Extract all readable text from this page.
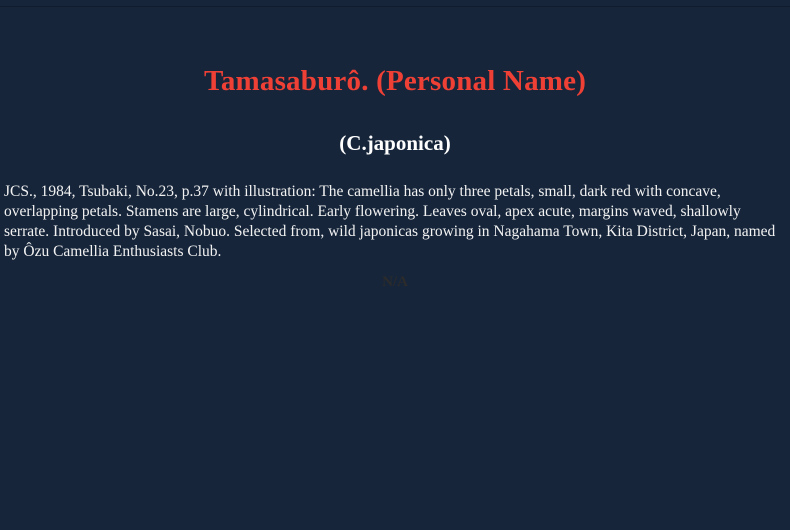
Tamasaburô. (Personal Name)
(C.japonica)

JCS., 1984, Tsubaki, No.23, p.37 with illustration: The camellia has only three petals, small, dark red with concave, overlapping petals. Stamens are large, cylindrical. Early flowering. Leaves oval, apex acute, margins waved, shallowly serrate. Introduced by Sasai, Nobuo. Selected from, wild japonicas growing in Nagahama Town, Kita District, Japan, named by Ôzu Camellia Enthusiasts Club.

N/A
